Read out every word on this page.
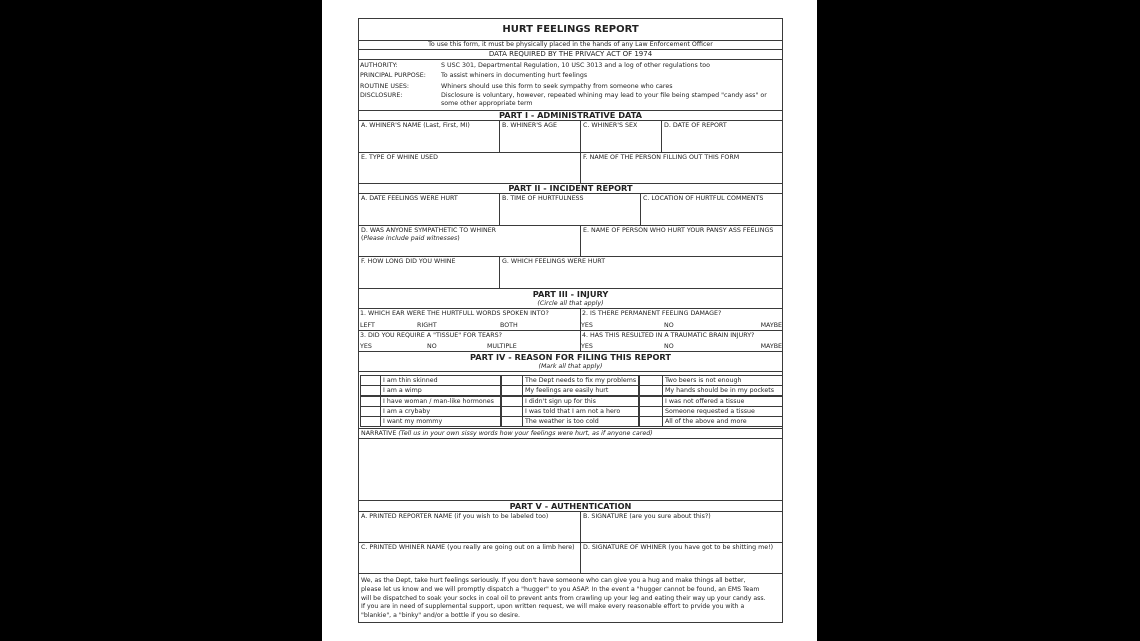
HURT FEELINGS REPORT
To use this form, it must be physically placed in the hands of any Law Enforcement Officer
DATA REQUIRED BY THE PRIVACY ACT OF 1974
AUTHORITY:	S USC 301, Departmental Regulation, 10 USC 3013 and a log of other regulations too
PRINCIPAL PURPOSE: To assist whiners in documenting hurt feelings
ROUTINE USES:	Whiners should use this form to seek sympathy from someone who cares
DISCLOSURE:	Disclosure is voluntary, however, repeated whining may lead to your file being stamped "candy ass" or
some other appropriate term
PART I - ADMINISTRATIVE DATA
A. WHINER'S NAME (Last, First, MI)	B. WHINER'S AGE	C. WHINER'S SEX	D. DATE OF REPORT
E. TYPE OF WHINE USED	F. NAME OF THE PERSON FILLING OUT THIS FORM
PART II - INCIDENT REPORT
A. DATE FEELINGS WERE HURT	B. TIME OF HURTFULNESS	C. LOCATION OF HURTFUL COMMENTS
D. WAS ANYONE SYMPATHETIC TO WHINER
(Please include paid witnesses)
E. NAME OF PERSON WHO HURT YOUR PANSY ASS FEELINGS
F. HOW LONG DID YOU WHINE	G. WHICH FEELINGS WERE HURT
PART III - INJURY
(Circle all that apply)
1. WHICH EAR WERE THE HURTFULL WORDS SPOKEN INTO?
LEFT	RIGHT	BOTH
2. IS THERE PERMANENT FEELING DAMAGE?
YES	NO	MAYBE
3. DID YOU REQUIRE A "TISSUE" FOR TEARS?
YES	NO	MULTIPLE
4. HAS THIS RESULTED IN A TRAUMATIC BRAIN INJURY?
YES	NO	MAYBE
PART IV - REASON FOR FILING THIS REPORT
(Mark all that apply)
I am thin skinned	The Dept needs to fix my problems	Two beers is not enough
I am a wimp	My feelings are easily hurt	My hands should be in my pockets
I have woman / man-like hormones	I didn't sign up for this	I was not offered a tissue
I am a crybaby	I was told that I am not a hero	Someone requested a tissue
I want my mommy	The weather is too cold	All of the above and more
NARRATIVE (Tell us in your own sissy words how your feelings were hurt, as if anyone cared)
PART V - AUTHENTICATION
A. PRINTED REPORTER NAME (if you wish to be labeled too)	B. SIGNATURE (are you sure about this?)
C. PRINTED WHINER NAME (you really are going out on a limb here)	D. SIGNATURE OF WHINER (you have got to be shitting me!)
We, as the Dept, take hurt feelings seriously. If you don't have someone who can give you a hug and make things all better,
please let us know and we will promptly dispatch a "hugger" to you ASAP. In the event a "hugger cannot be found, an EMS Team
will be dispatched to soak your socks in coal oil to prevent ants from crawling up your leg and eating their way up your candy ass.
If you are in need of supplemental support, upon written request, we will make every reasonable effort to prvide you with a
"blankie", a "binky" and/or a bottle if you so desire.
